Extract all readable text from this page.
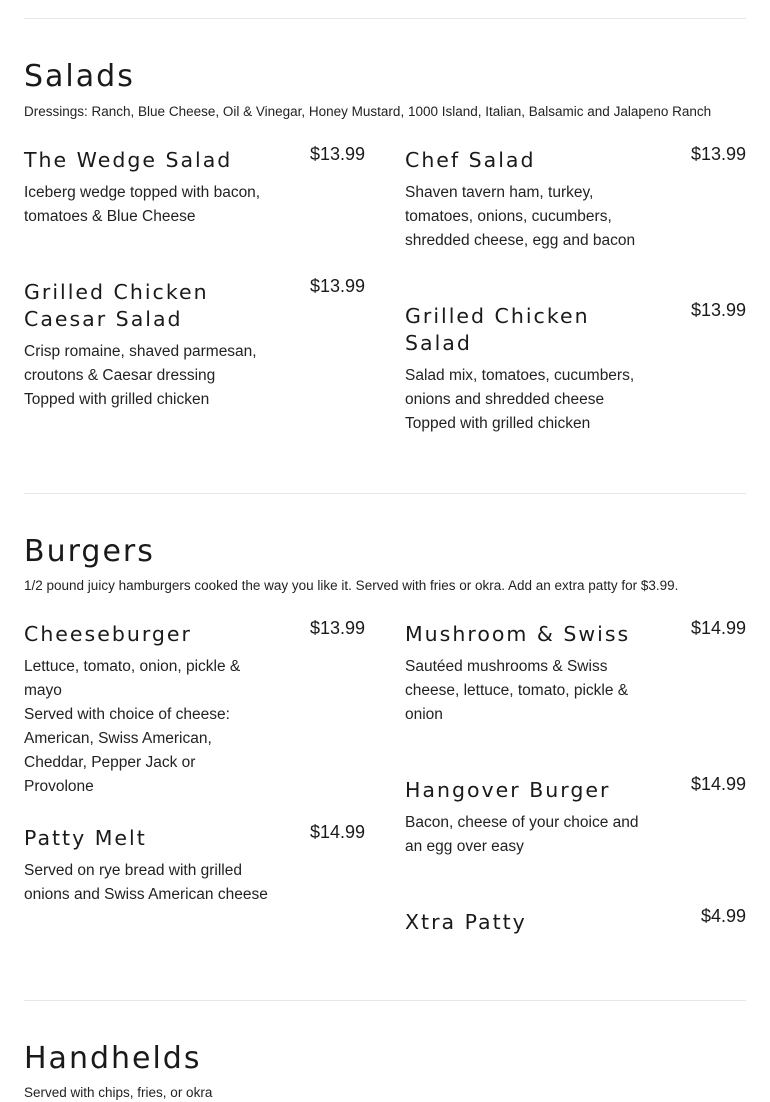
Salads

Dressings: Ranch, Blue Cheese, Oil & Vinegar, Honey Mustard, 1000 Island, Italian, Balsamic and Jalapeno Ranch

The Wedge Salad	$13.99

Iceberg wedge topped with bacon, tomatoes & Blue Cheese

Chef Salad	$13.99

Shaven tavern ham, turkey, tomatoes, onions, cucumbers, shredded cheese, egg and bacon

Grilled Chicken Caesar Salad
$13.99

Crisp romaine, shaved parmesan, croutons & Caesar dressing
Topped with grilled chicken

Grilled Chicken Salad
$13.99

Salad mix, tomatoes, cucumbers, onions and shredded cheese
Topped with grilled chicken

Burgers

1/2 pound juicy hamburgers cooked the way you like it. Served with fries or okra. Add an extra patty for $3.99.

Cheeseburger	$13.99

Lettuce, tomato, onion, pickle & mayo
Served with choice of cheese: American, Swiss American, Cheddar, Pepper Jack or Provolone

Mushroom & Swiss	$14.99

Sautéed mushrooms & Swiss cheese, lettuce, tomato, pickle & onion

Hangover Burger	$14.99

Bacon, cheese of your choice and an egg over easy

Patty Melt	$14.99

Served on rye bread with grilled onions and Swiss American cheese

Xtra Patty	$4.99
Handhelds

Served with chips, fries, or okra
